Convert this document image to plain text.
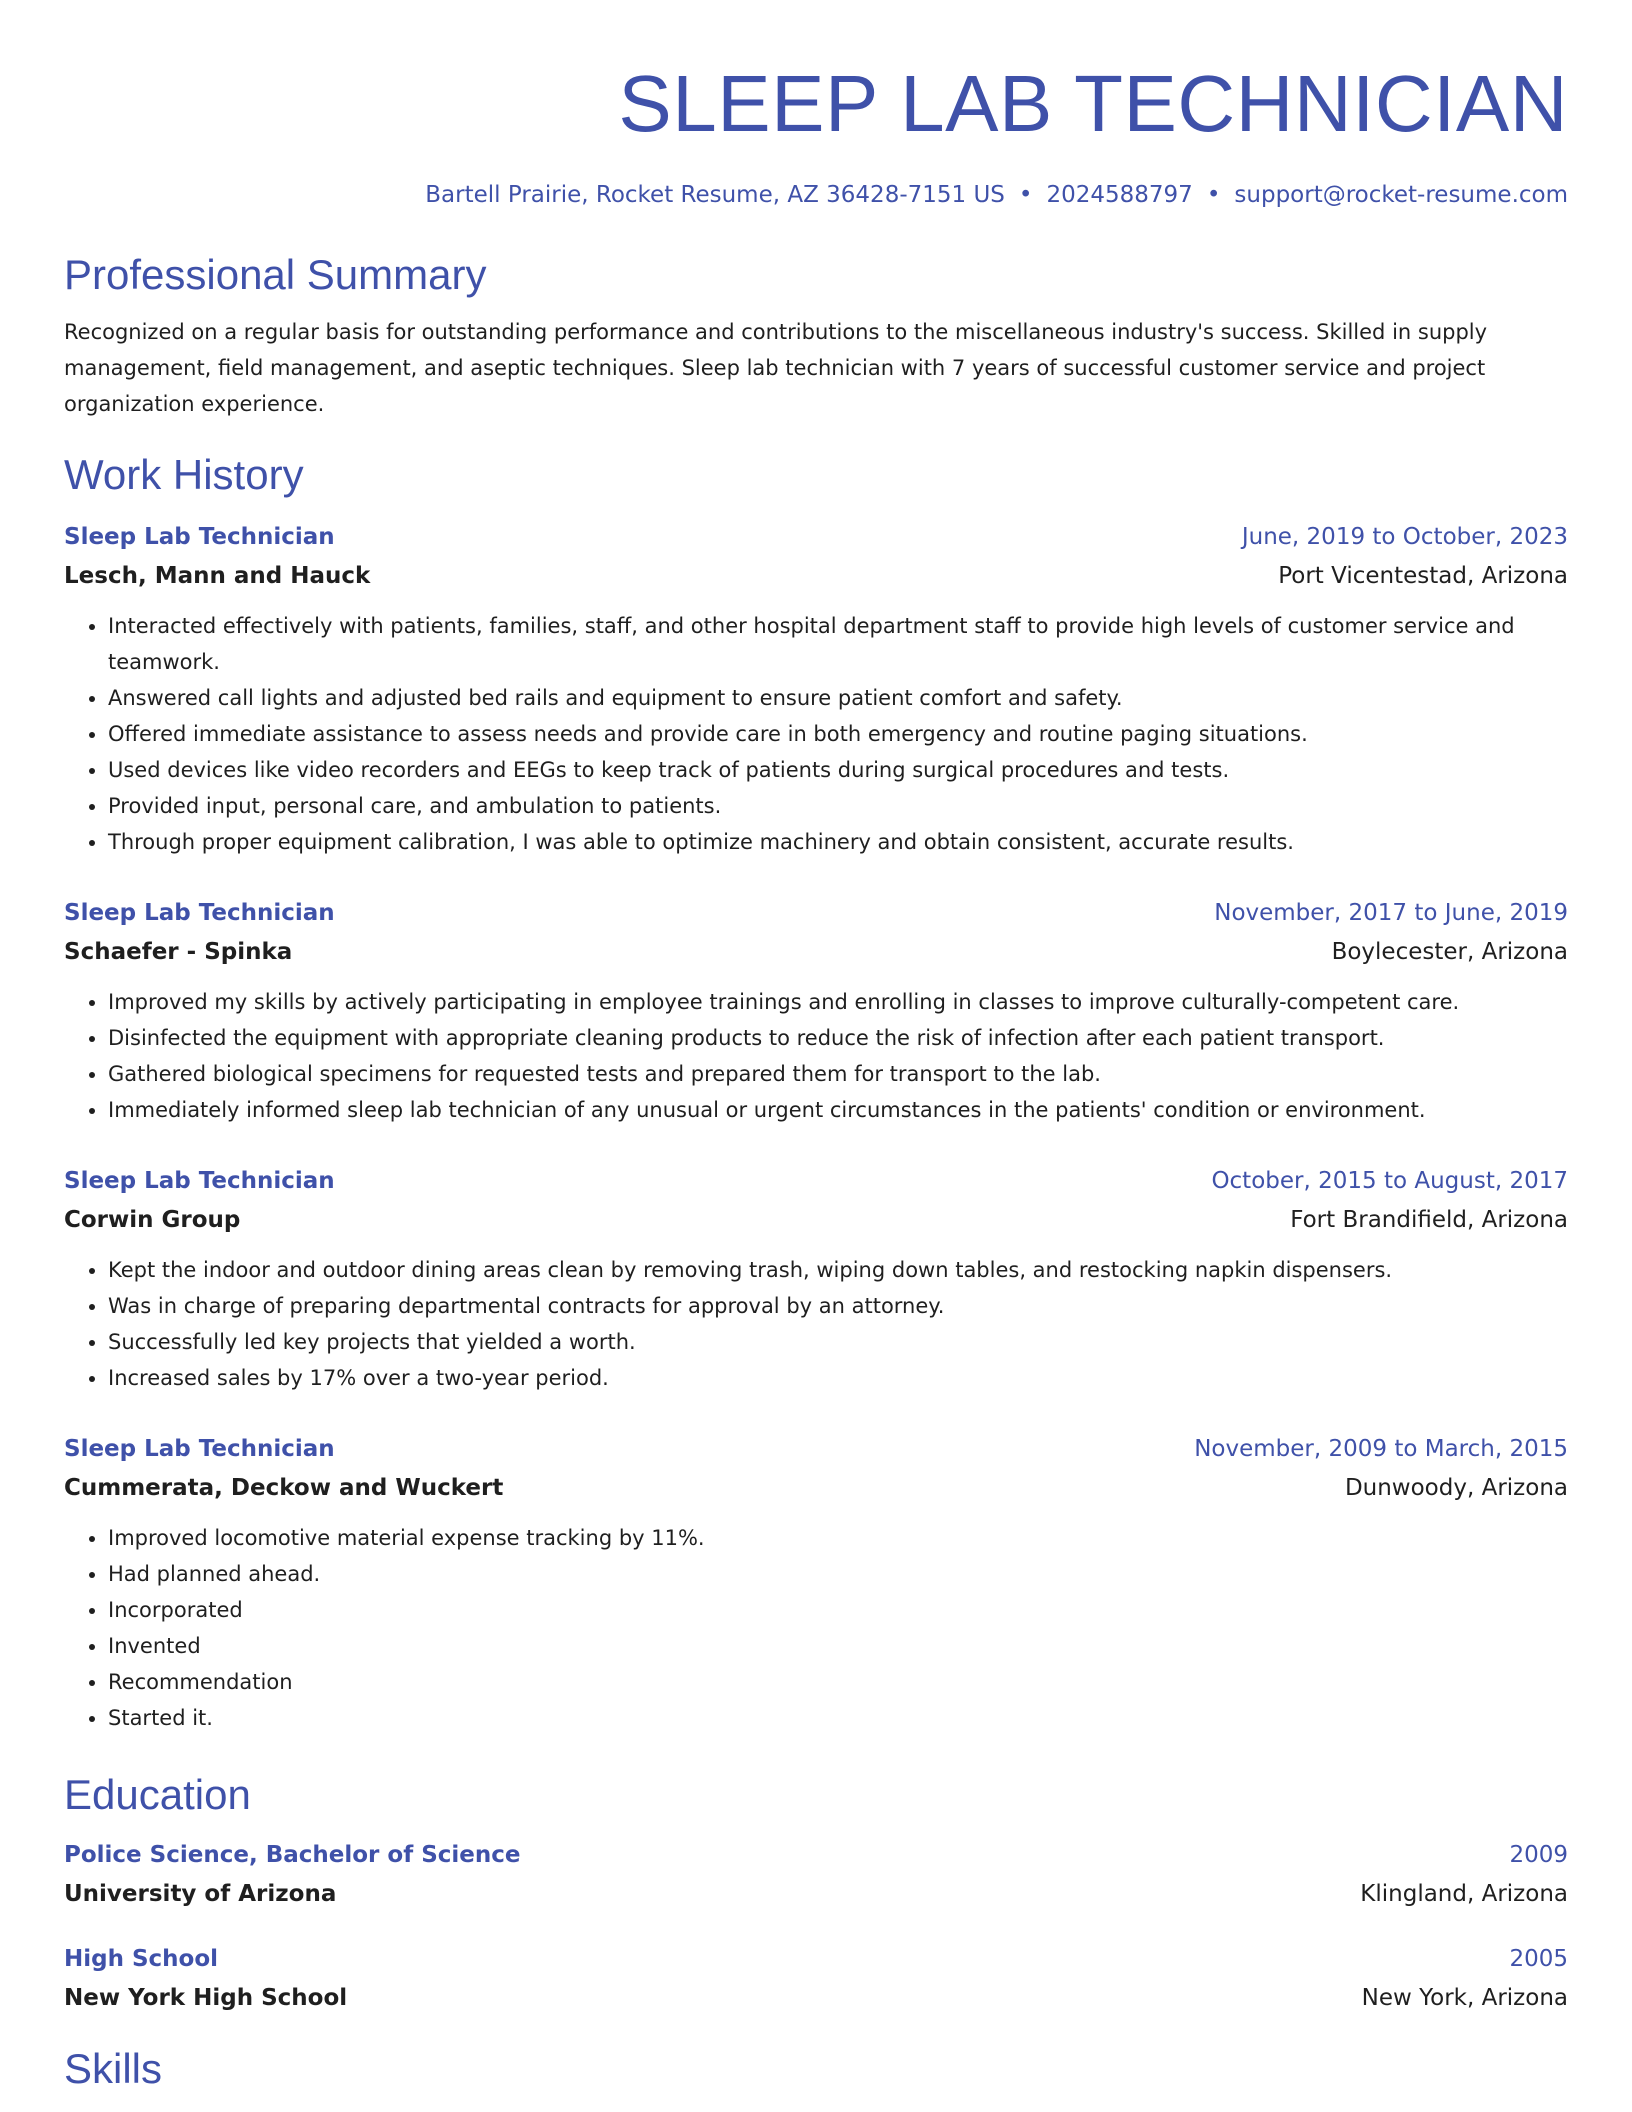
SLEEP LAB TECHNICIAN
Bartell Prairie, Rocket Resume, AZ 36428-7151 US • 2024588797 • support@rocket-resume.com
Professional Summary
Recognized on a regular basis for outstanding performance and contributions to the miscellaneous industry's success. Skilled in supply management, field management, and aseptic techniques. Sleep lab technician with 7 years of successful customer service and project organization experience.
Work History
Sleep Lab Technician	June, 2019 to October, 2023
Lesch, Mann and Hauck	Port Vicentestad, Arizona
• Interacted effectively with patients, families, staff, and other hospital department staff to provide high levels of customer service and teamwork.
• Answered call lights and adjusted bed rails and equipment to ensure patient comfort and safety.
• Offered immediate assistance to assess needs and provide care in both emergency and routine paging situations.
• Used devices like video recorders and EEGs to keep track of patients during surgical procedures and tests.
• Provided input, personal care, and ambulation to patients.
• Through proper equipment calibration, I was able to optimize machinery and obtain consistent, accurate results.
Sleep Lab Technician	November, 2017 to June, 2019
Schaefer - Spinka	Boylecester, Arizona
• Improved my skills by actively participating in employee trainings and enrolling in classes to improve culturally-competent care.
• Disinfected the equipment with appropriate cleaning products to reduce the risk of infection after each patient transport.
• Gathered biological specimens for requested tests and prepared them for transport to the lab.
• Immediately informed sleep lab technician of any unusual or urgent circumstances in the patients' condition or environment.
Sleep Lab Technician	October, 2015 to August, 2017
Corwin Group	Fort Brandifield, Arizona
• Kept the indoor and outdoor dining areas clean by removing trash, wiping down tables, and restocking napkin dispensers.
• Was in charge of preparing departmental contracts for approval by an attorney.
• Successfully led key projects that yielded a worth.
• Increased sales by 17% over a two-year period.
Sleep Lab Technician	November, 2009 to March, 2015
Cummerata, Deckow and Wuckert	Dunwoody, Arizona
• Improved locomotive material expense tracking by 11%.
• Had planned ahead.
• Incorporated
• Invented
• Recommendation
• Started it.
Education
Police Science, Bachelor of Science	2009
University of Arizona	Klingland, Arizona
High School	2005
New York High School	New York, Arizona
Skills
